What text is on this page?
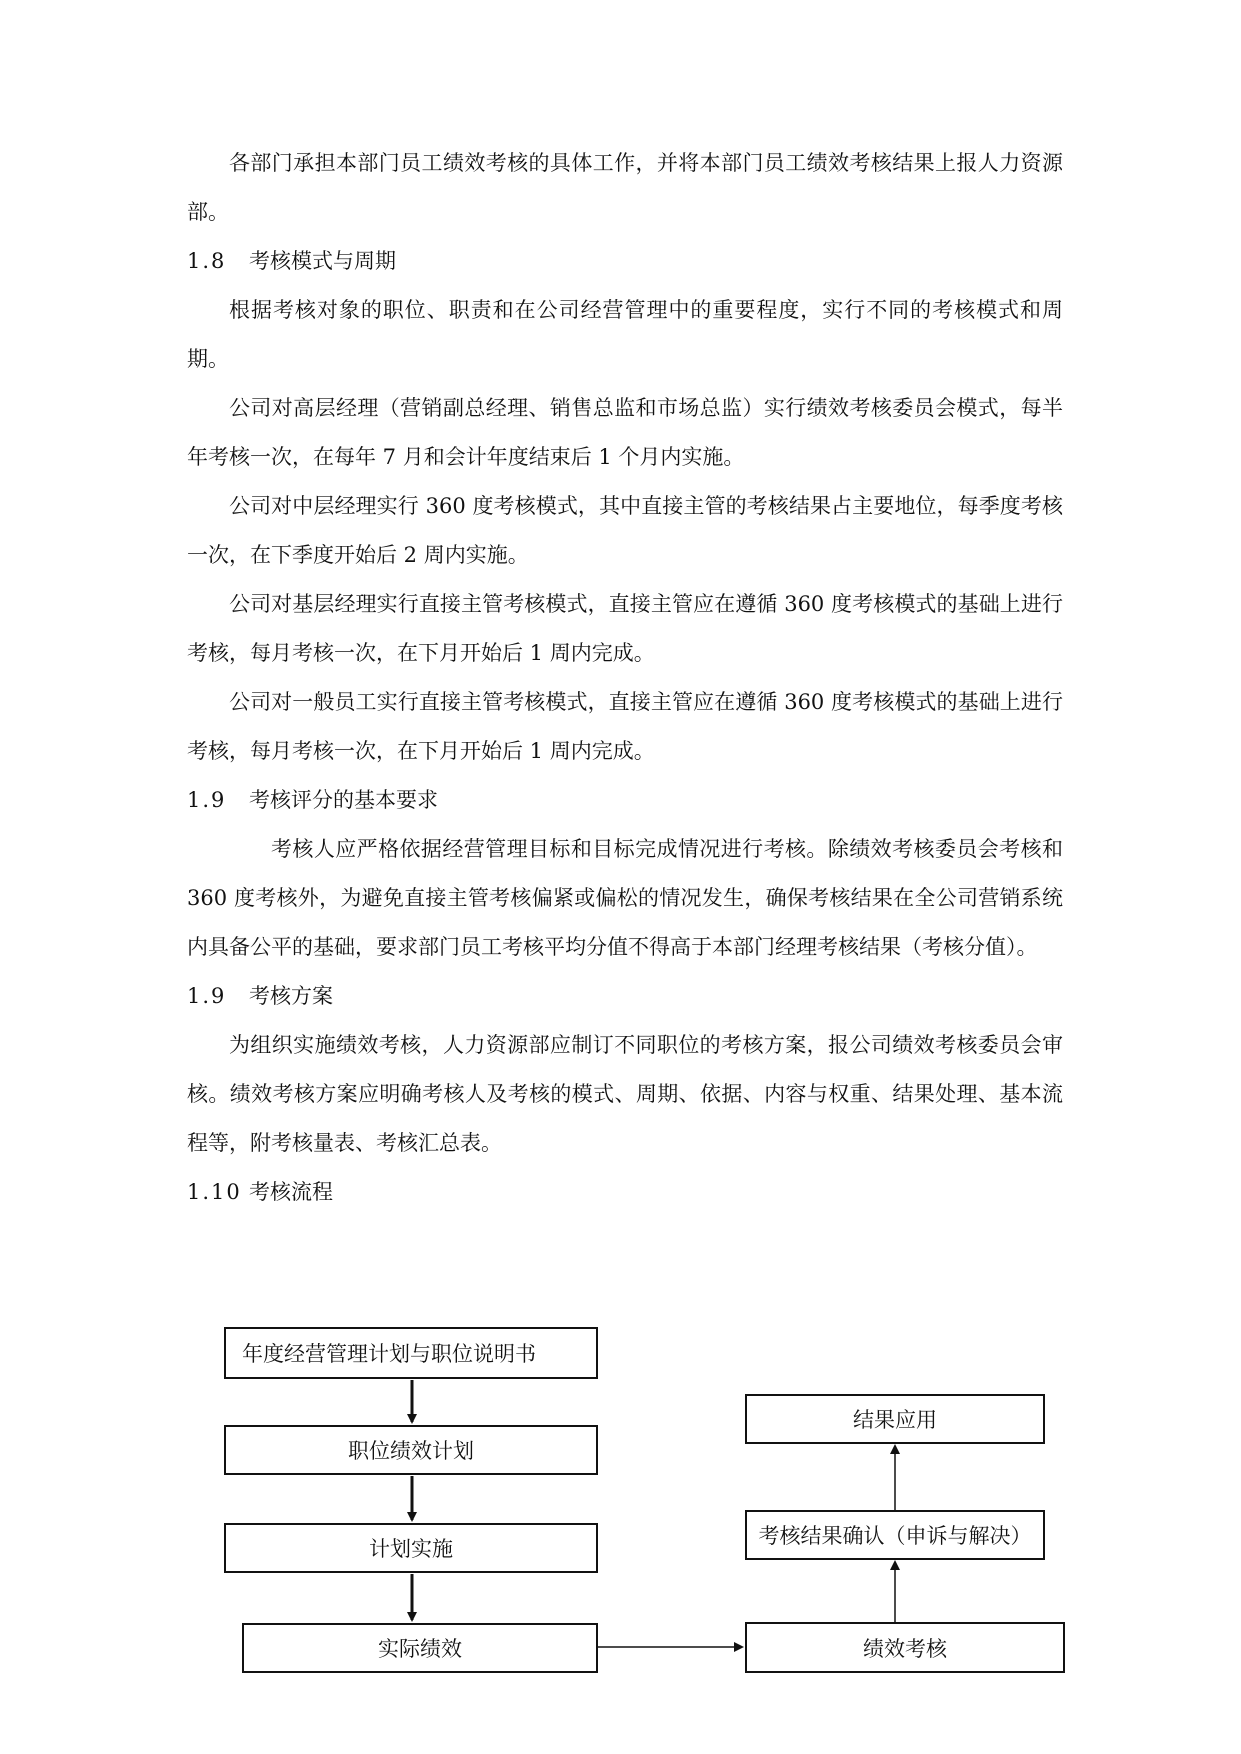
各部门承担本部门员工绩效考核的具体工作，并将本部门员工绩效考核结果上报人力资源部。

1.8 考核模式与周期

根据考核对象的职位、职责和在公司经营管理中的重要程度，实行不同的考核模式和周期。

公司对高层经理（营销副总经理、销售总监和市场总监）实行绩效考核委员会模式，每半年考核一次，在每年 7 月和会计年度结束后 1 个月内实施。

公司对中层经理实行 360 度考核模式，其中直接主管的考核结果占主要地位，每季度考核一次，在下季度开始后 2 周内实施。

公司对基层经理实行直接主管考核模式，直接主管应在遵循 360 度考核模式的基础上进行考核，每月考核一次，在下月开始后 1 周内完成。

公司对一般员工实行直接主管考核模式，直接主管应在遵循 360 度考核模式的基础上进行考核，每月考核一次，在下月开始后 1 周内完成。

1.9 考核评分的基本要求

考核人应严格依据经营管理目标和目标完成情况进行考核。除绩效考核委员会考核和 360 度考核外，为避免直接主管考核偏紧或偏松的情况发生，确保考核结果在全公司营销系统内具备公平的基础，要求部门员工考核平均分值不得高于本部门经理考核结果（考核分值）。

1.9 考核方案

为组织实施绩效考核，人力资源部应制订不同职位的考核方案，报公司绩效考核委员会审核。绩效考核方案应明确考核人及考核的模式、周期、依据、内容与权重、结果处理、基本流程等，附考核量表、考核汇总表。

1.10 考核流程

年度经营管理计划与职位说明书
职位绩效计划
计划实施
实际绩效	绩效考核
考核结果确认（申诉与解决）
结果应用
